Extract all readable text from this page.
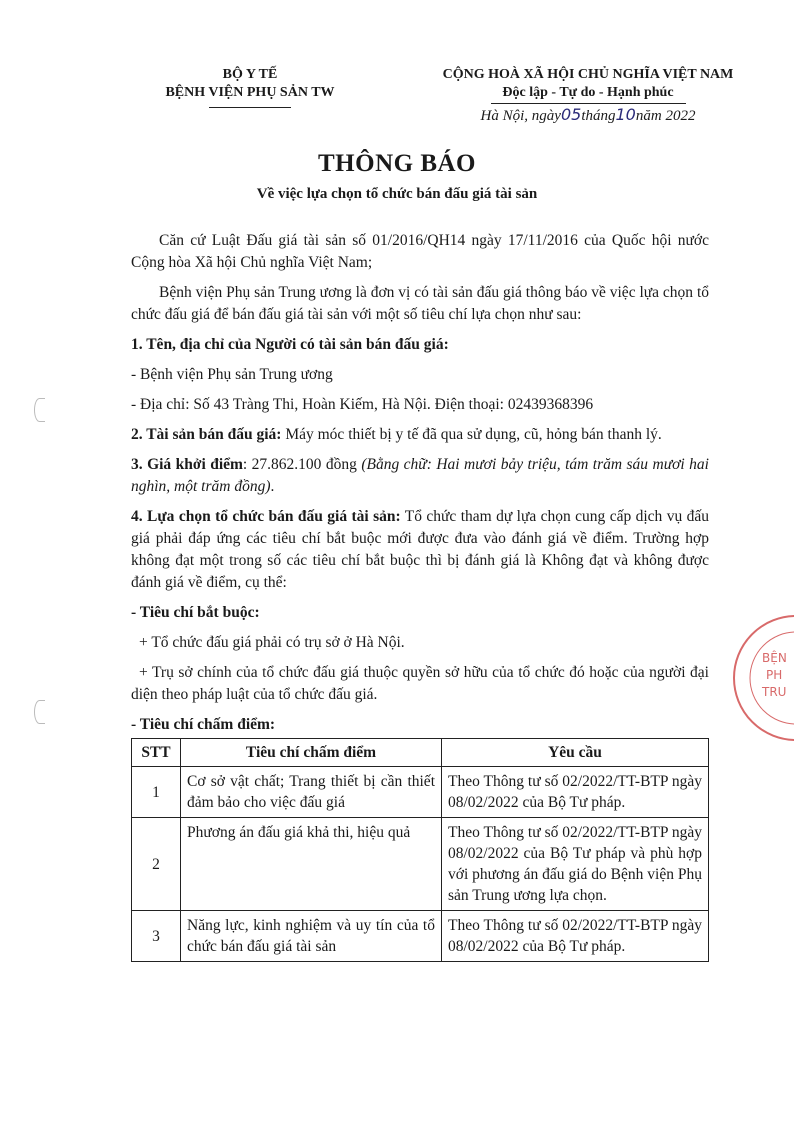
BỘ Y TẾ
BỆNH VIỆN PHỤ SẢN TW
CỘNG HOÀ XÃ HỘI CHỦ NGHĨA VIỆT NAM
Độc lập - Tự do - Hạnh phúc
Hà Nội, ngày05tháng10năm 2022
THÔNG BÁO
Về việc lựa chọn tổ chức bán đấu giá tài sản

Căn cứ Luật Đấu giá tài sản số 01/2016/QH14 ngày 17/11/2016 của Quốc hội nước Cộng hòa Xã hội Chủ nghĩa Việt Nam;

Bệnh viện Phụ sản Trung ương là đơn vị có tài sản đấu giá thông báo về việc lựa chọn tổ chức đấu giá để bán đấu giá tài sản với một số tiêu chí lựa chọn như sau:

1. Tên, địa chỉ của Người có tài sản bán đấu giá:

- Bệnh viện Phụ sản Trung ương

- Địa chỉ: Số 43 Tràng Thi, Hoàn Kiếm, Hà Nội. Điện thoại: 02439368396

2. Tài sản bán đấu giá: Máy móc thiết bị y tế đã qua sử dụng, cũ, hỏng bán thanh lý.

3. Giá khởi điểm: 27.862.100 đồng (Bằng chữ: Hai mươi bảy triệu, tám trăm sáu mươi hai nghìn, một trăm đồng).

4. Lựa chọn tổ chức bán đấu giá tài sản: Tổ chức tham dự lựa chọn cung cấp dịch vụ đấu giá phải đáp ứng các tiêu chí bắt buộc mới được đưa vào đánh giá về điểm. Trường hợp không đạt một trong số các tiêu chí bắt buộc thì bị đánh giá là Không đạt và không được đánh giá về điểm, cụ thể:

- Tiêu chí bắt buộc:

+ Tổ chức đấu giá phải có trụ sở ở Hà Nội.

+ Trụ sở chính của tổ chức đấu giá thuộc quyền sở hữu của tổ chức đó hoặc của người đại diện theo pháp luật của tổ chức đấu giá.

- Tiêu chí chấm điểm:

STT	Tiêu chí chấm điểm	Yêu cầu
1	Cơ sở vật chất; Trang thiết bị cần thiết đảm bảo cho việc đấu giá	Theo Thông tư số 02/2022/TT-BTP ngày 08/02/2022 của Bộ Tư pháp.
2	Phương án đấu giá khả thi, hiệu quả	Theo Thông tư số 02/2022/TT-BTP ngày 08/02/2022 của Bộ Tư pháp và phù hợp với phương án đấu giá do Bệnh viện Phụ sản Trung ương lựa chọn.
3	Năng lực, kinh nghiệm và uy tín của tổ chức bán đấu giá tài sản	Theo Thông tư số 02/2022/TT-BTP ngày 08/02/2022 của Bộ Tư pháp.
BỆN
PH
TRU
